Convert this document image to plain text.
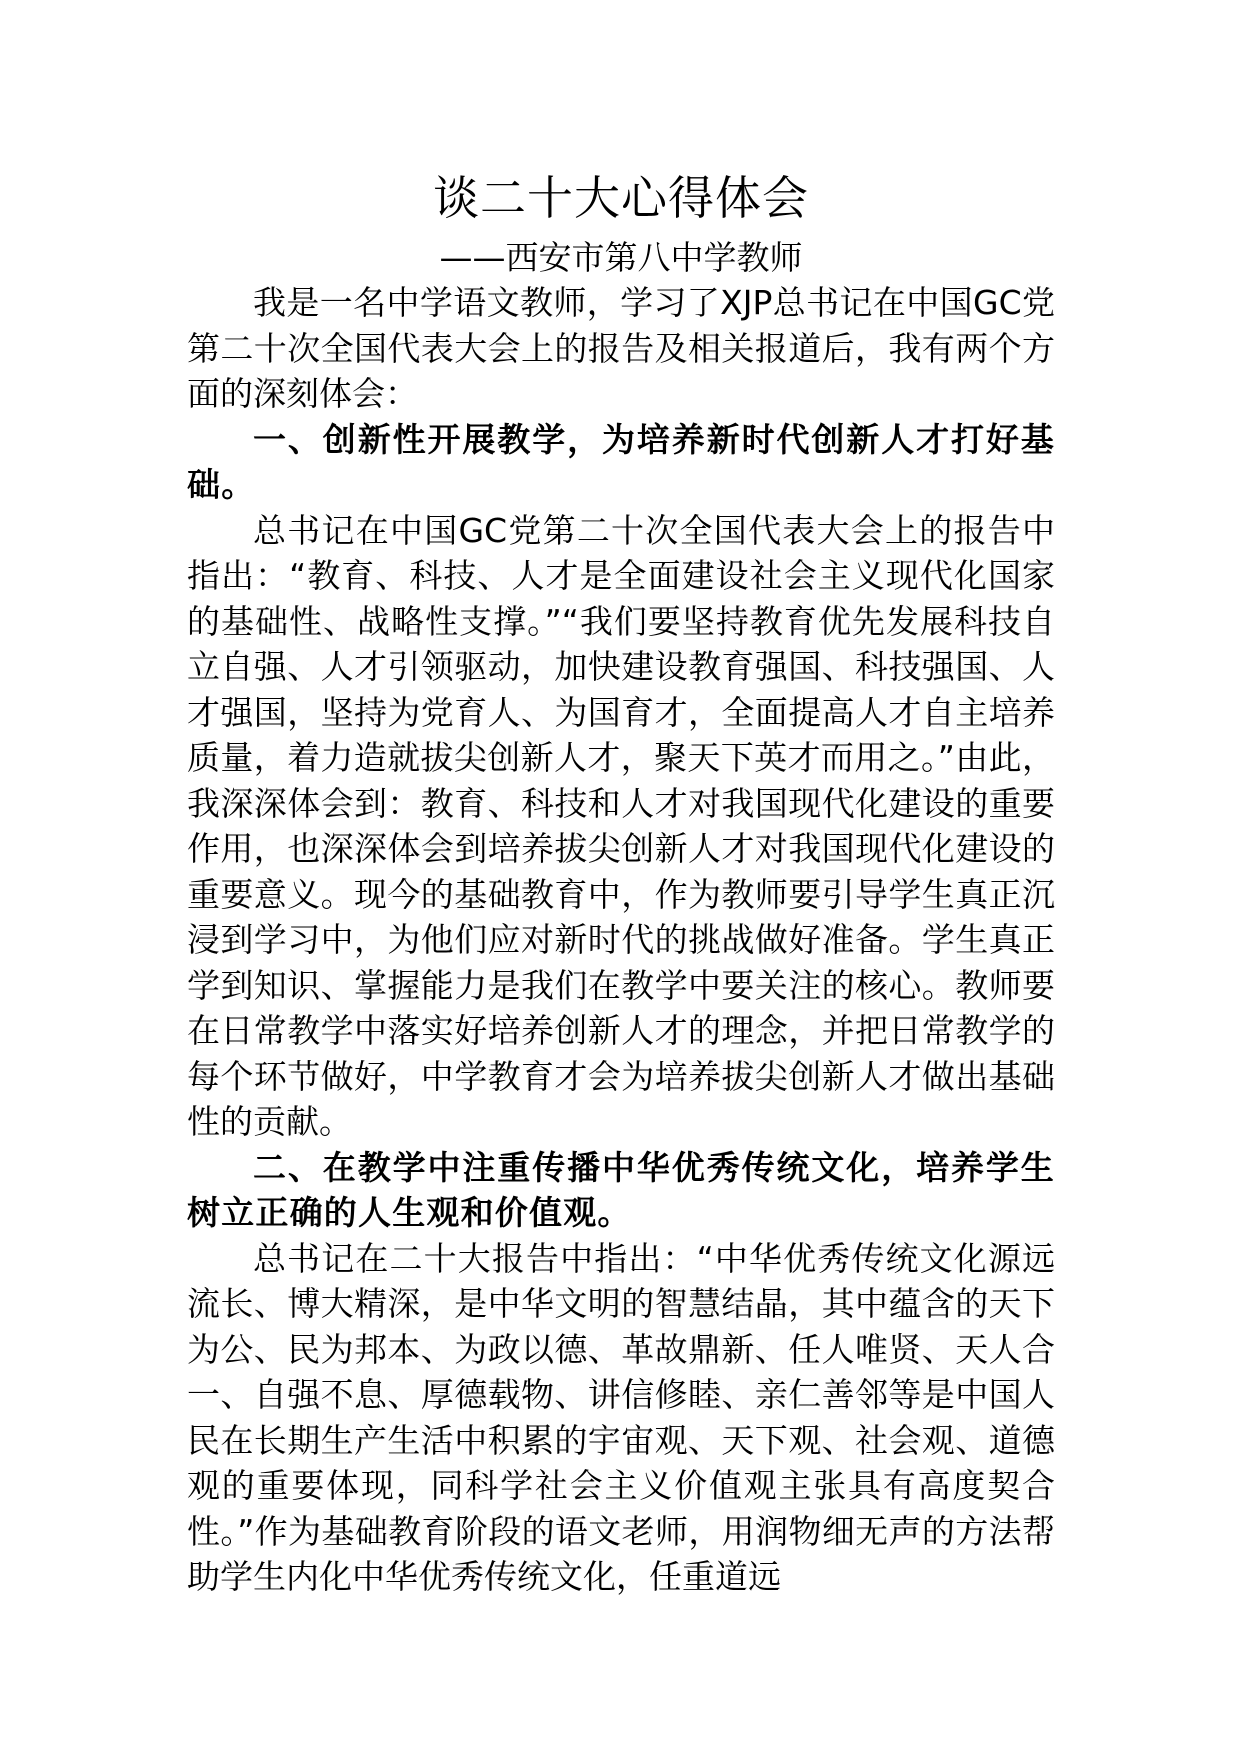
谈二十大心得体会
——西安市第八中学教师

我是一名中学语文教师，学习了XJP总书记在中国GC党第二十次全国代表大会上的报告及相关报道后，我有两个方面的深刻体会：

一、创新性开展教学，为培养新时代创新人才打好基础。

总书记在中国GC党第二十次全国代表大会上的报告中指出：“教育、科技、人才是全面建设社会主义现代化国家的基础性、战略性支撑。”“我们要坚持教育优先发展科技自立自强、人才引领驱动，加快建设教育强国、科技强国、人才强国，坚持为党育人、为国育才，全面提高人才自主培养质量，着力造就拔尖创新人才，聚天下英才而用之。”由此，我深深体会到：教育、科技和人才对我国现代化建设的重要作用，也深深体会到培养拔尖创新人才对我国现代化建设的重要意义。现今的基础教育中，作为教师要引导学生真正沉浸到学习中，为他们应对新时代的挑战做好准备。学生真正学到知识、掌握能力是我们在教学中要关注的核心。教师要在日常教学中落实好培养创新人才的理念，并把日常教学的每个环节做好，中学教育才会为培养拔尖创新人才做出基础性的贡献。

二、在教学中注重传播中华优秀传统文化，培养学生树立正确的人生观和价值观。

总书记在二十大报告中指出：“中华优秀传统文化源远流长、博大精深，是中华文明的智慧结晶，其中蕴含的天下为公、民为邦本、为政以德、革故鼎新、任人唯贤、天人合一、自强不息、厚德载物、讲信修睦、亲仁善邻等是中国人民在长期生产生活中积累的宇宙观、天下观、社会观、道德观的重要体现，同科学社会主义价值观主张具有高度契合性。”作为基础教育阶段的语文老师，用润物细无声的方法帮助学生内化中华优秀传统文化，任重道远
